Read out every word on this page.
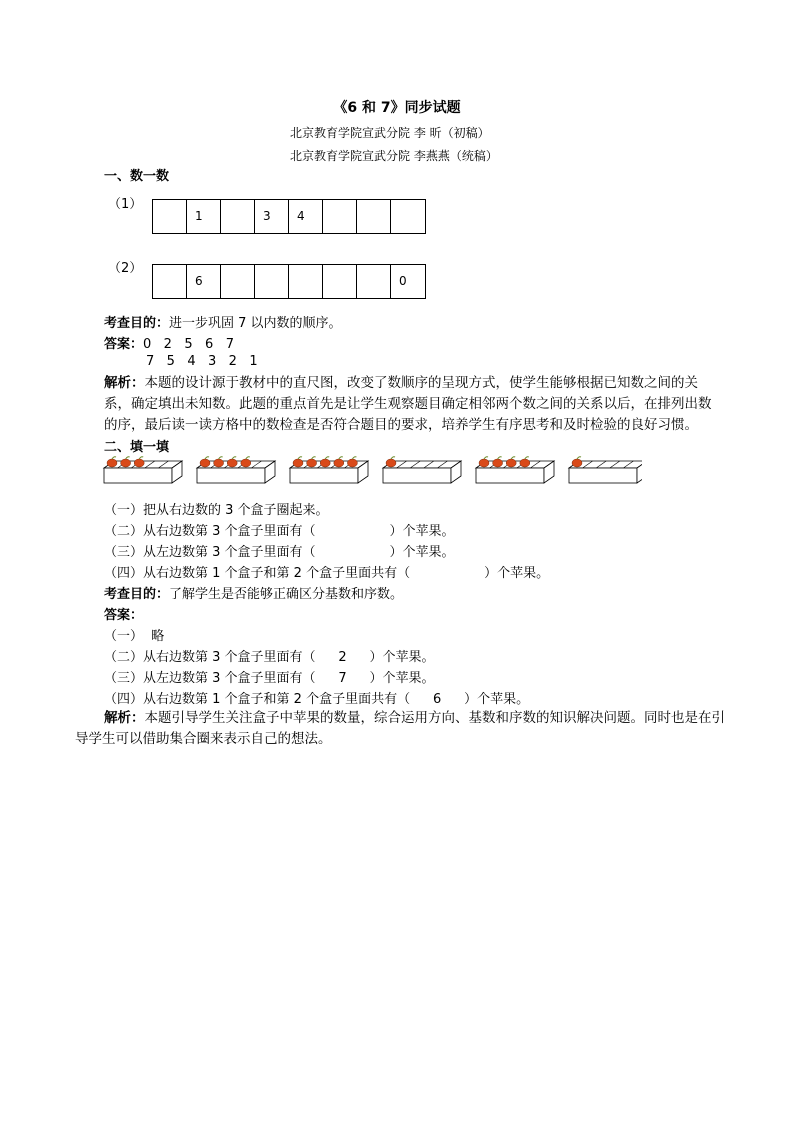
《6 和 7》同步试题
北京教育学院宣武分院 李 昕（初稿）
北京教育学院宣武分院 李燕燕（统稿）
一、数一数
（1）
1	3	4
（2）
6	0
考查目的：进一步巩固 7 以内数的顺序。
答案：0   2   5   6   7
7   5   4   3   2   1
解析：本题的设计源于教材中的直尺图，改变了数顺序的呈现方式，使学生能够根据已知数之间的关系，确定填出未知数。此题的重点首先是让学生观察题目确定相邻两个数之间的关系以后，在排列出数的序，最后读一读方格中的数检查是否符合题目的要求，培养学生有序思考和及时检验的良好习惯。
二、填一填
（一）把从右边数的 3 个盒子圈起来。
（二）从右边数第 3 个盒子里面有（	）个苹果。
（三）从左边数第 3 个盒子里面有（	）个苹果。
（四）从右边数第 1 个盒子和第 2 个盒子里面共有（	）个苹果。
考查目的：了解学生是否能够正确区分基数和序数。
答案：
（一）  略
（二）从右边数第 3 个盒子里面有（ 2 ）个苹果。
（三）从左边数第 3 个盒子里面有（ 7 ）个苹果。
（四）从右边数第 1 个盒子和第 2 个盒子里面共有（ 6 ）个苹果。
解析：本题引导学生关注盒子中苹果的数量，综合运用方向、基数和序数的知识解决问题。同时也是在引导学生可以借助集合圈来表示自己的想法。
